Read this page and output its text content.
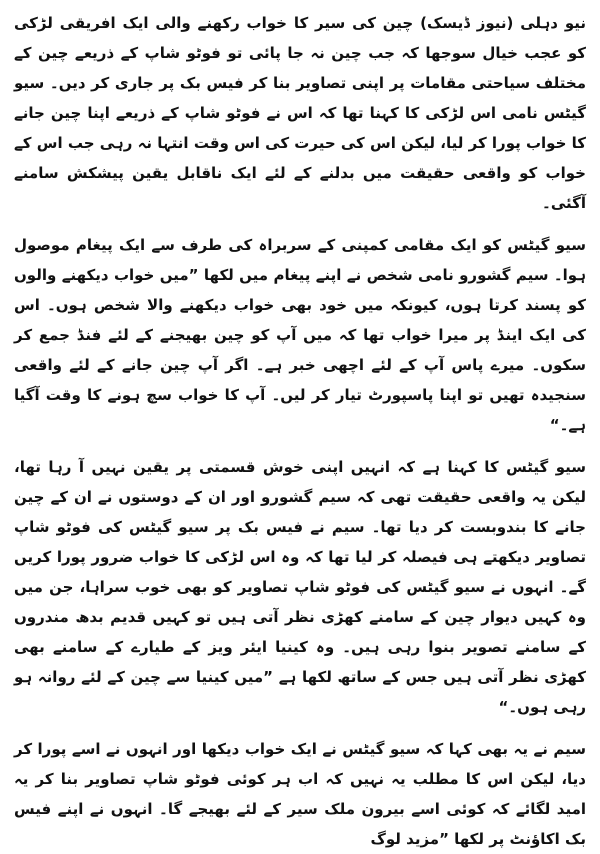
نیو دہلی (نیوز ڈیسک) چین کی سیر کا خواب رکھنے والی ایک افریقی لڑکی کو عجب خیال سوجھا کہ جب چین نہ جا پائی تو فوٹو شاپ کے ذریعے چین کے مختلف سیاحتی مقامات پر اپنی تصاویر بنا کر فیس بک پر جاری کر دیں۔ سیو گیٹس نامی اس لڑکی کا کہنا تھا کہ اس نے فوٹو شاپ کے ذریعے اپنا چین جانے کا خواب پورا کر لیا، لیکن اس کی حیرت کی اس وقت انتہا نہ رہی جب اس کے خواب کو واقعی حقیقت میں بدلنے کے لئے ایک ناقابل یقین پیشکش سامنے آگئی۔

سیو گیٹس کو ایک مقامی کمپنی کے سربراہ کی طرف سے ایک پیغام موصول ہوا۔ سیم گشورو نامی شخص نے اپنے پیغام میں لکھا ”میں خواب دیکھنے والوں کو پسند کرتا ہوں، کیونکہ میں خود بھی خواب دیکھنے والا شخص ہوں۔ اس کی ایک اینڈ پر میرا خواب تھا کہ میں آپ کو چین بھیجنے کے لئے فنڈ جمع کر سکوں۔ میرے پاس آپ کے لئے اچھی خبر ہے۔ اگر آپ چین جانے کے لئے واقعی سنجیدہ تھیں تو اپنا پاسپورٹ تیار کر لیں۔ آپ کا خواب سچ ہونے کا وقت آگیا ہے۔“

سیو گیٹس کا کہنا ہے کہ انہیں اپنی خوش قسمتی پر یقین نہیں آ رہا تھا، لیکن یہ واقعی حقیقت تھی کہ سیم گشورو اور ان کے دوستوں نے ان کے چین جانے کا بندوبست کر دیا تھا۔ سیم نے فیس بک پر سیو گیٹس کی فوٹو شاپ تصاویر دیکھتے ہی فیصلہ کر لیا تھا کہ وہ اس لڑکی کا خواب ضرور پورا کریں گے۔ انہوں نے سیو گیٹس کی فوٹو شاپ تصاویر کو بھی خوب سراہا، جن میں وہ کہیں دیوار چین کے سامنے کھڑی نظر آتی ہیں تو کہیں قدیم بدھ مندروں کے سامنے تصویر بنوا رہی ہیں۔ وہ کینیا ایئر ویز کے طیارے کے سامنے بھی کھڑی نظر آتی ہیں جس کے ساتھ لکھا ہے ”میں کینیا سے چین کے لئے روانہ ہو رہی ہوں۔“

سیم نے یہ بھی کہا کہ سیو گیٹس نے ایک خواب دیکھا اور انہوں نے اسے پورا کر دیا، لیکن اس کا مطلب یہ نہیں کہ اب ہر کوئی فوٹو شاپ تصاویر بنا کر یہ امید لگائے کہ کوئی اسے بیرون ملک سیر کے لئے بھیجے گا۔ انہوں نے اپنے فیس بک اکاؤنٹ پر لکھا ”مزید لوگ
